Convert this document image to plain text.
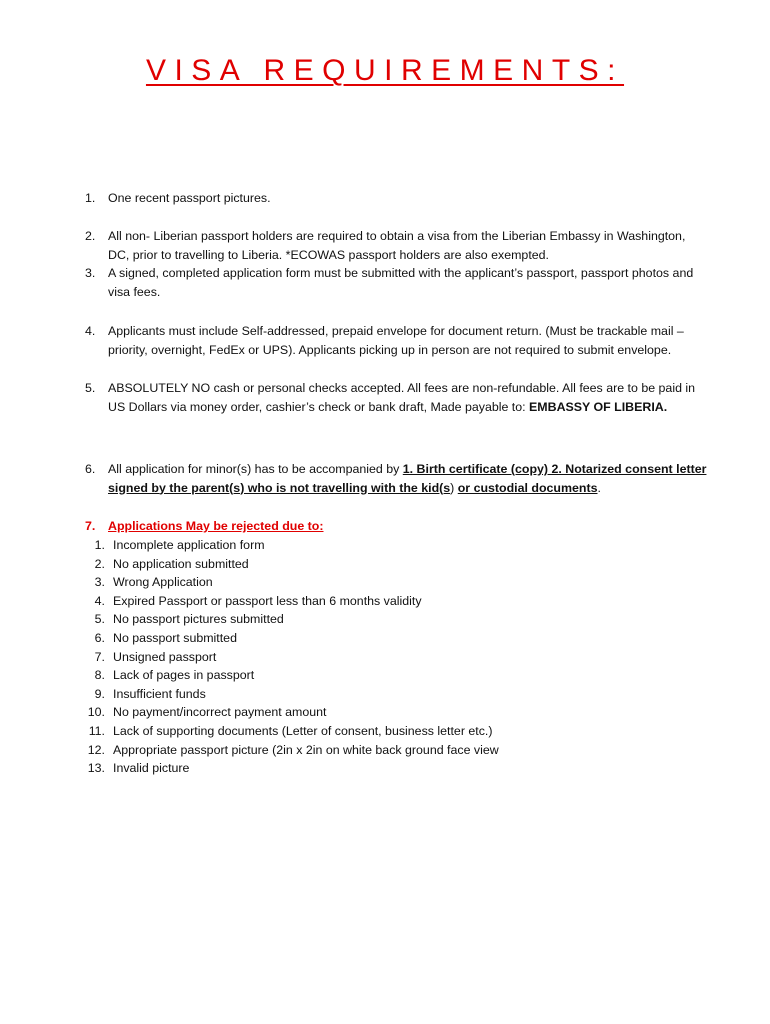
VISA REQUIREMENTS:
1.	One recent passport pictures.
2.	All non- Liberian passport holders are required to obtain a visa from the Liberian Embassy in Washington, DC, prior to travelling to Liberia. *ECOWAS passport holders are also exempted.
3.	A signed, completed application form must be submitted with the applicant’s passport, passport photos and visa fees.
4.	Applicants must include Self-addressed, prepaid envelope for document return. (Must be trackable mail – priority, overnight, FedEx or UPS). Applicants picking up in person are not required to submit envelope.
5.	ABSOLUTELY NO cash or personal checks accepted. All fees are non-refundable. All fees are to be paid in US Dollars via money order, cashier’s check or bank draft, Made payable to: EMBASSY OF LIBERIA.
6.	All application for minor(s) has to be accompanied by 1. Birth certificate (copy) 2. Notarized consent letter signed by the parent(s) who is not travelling with the kid(s) or custodial documents.
7.	Applications May be rejected due to:
1. Incomplete application form
2. No application submitted
3. Wrong Application
4. Expired Passport or passport less than 6 months validity
5. No passport pictures submitted
6. No passport submitted
7. Unsigned passport
8. Lack of pages in passport
9. Insufficient funds
10. No payment/incorrect payment amount
11. Lack of supporting documents (Letter of consent, business letter etc.)
12. Appropriate passport picture (2in x 2in on white back ground face view
13. Invalid picture
